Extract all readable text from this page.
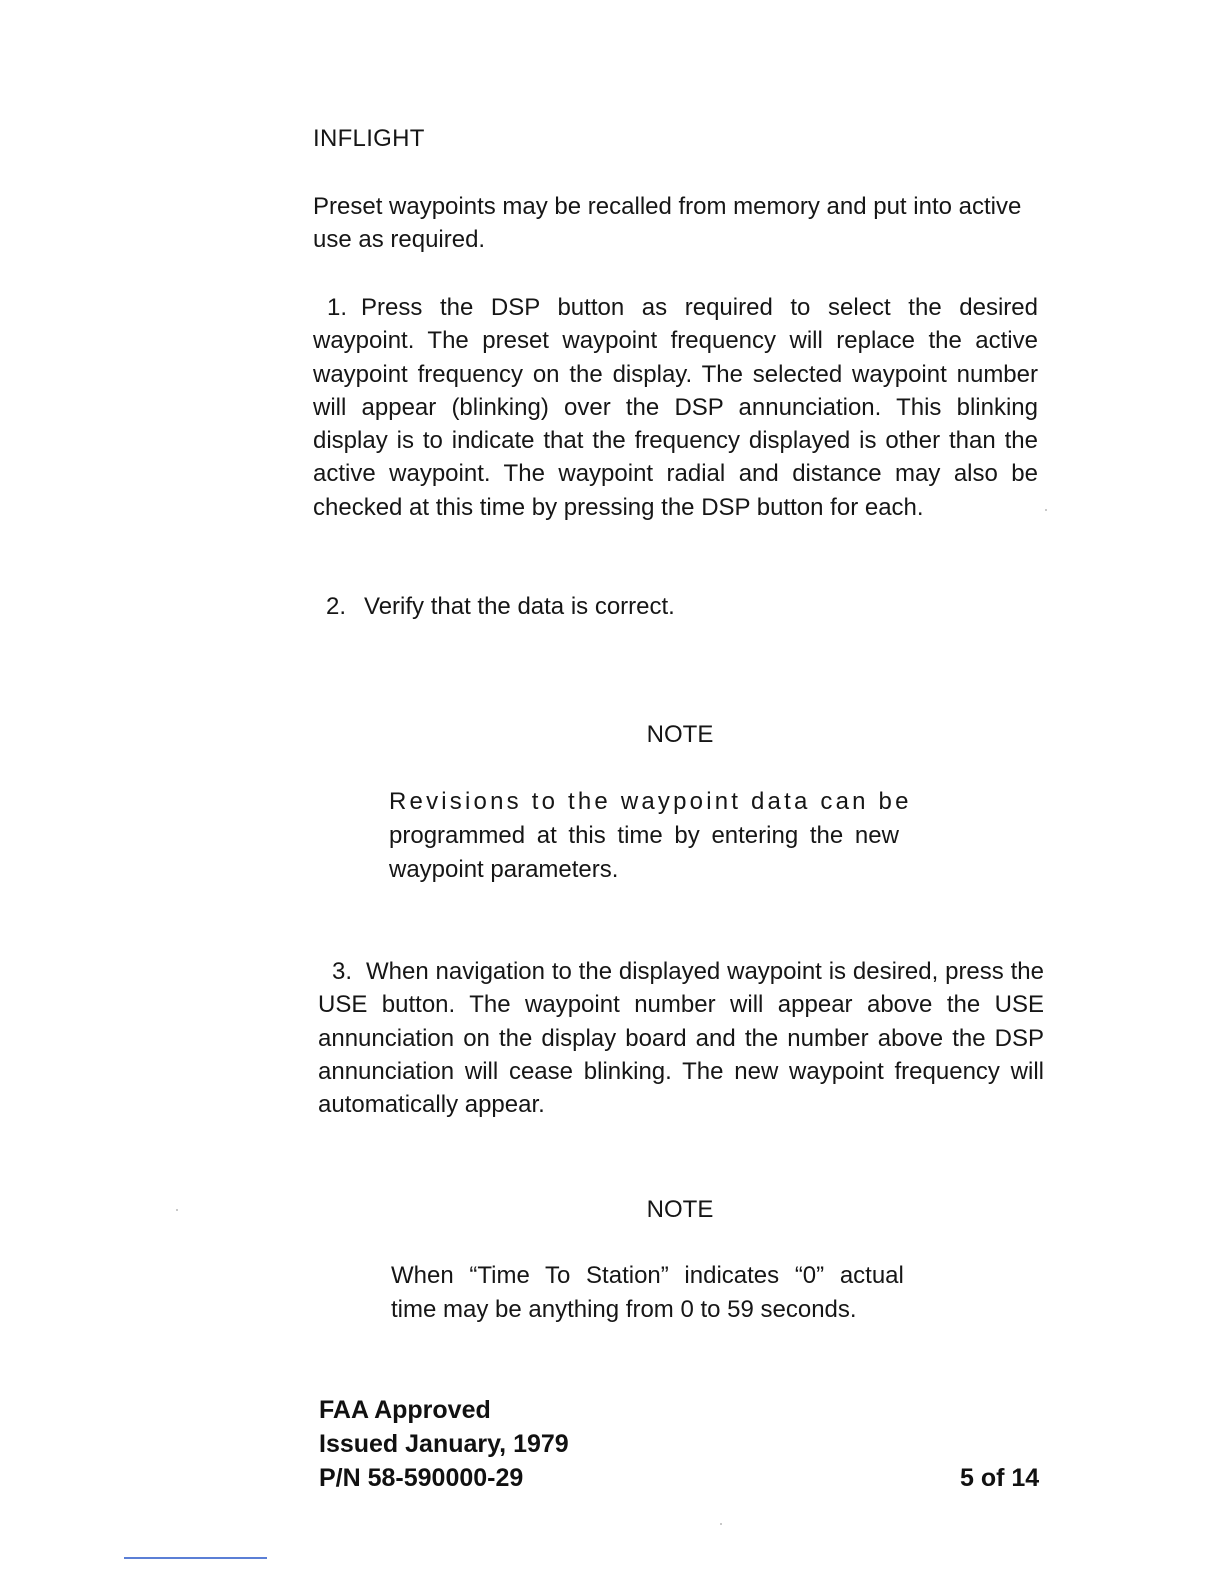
INFLIGHT

Preset waypoints may be recalled from memory and put into active use as required.

1. Press the DSP button as required to select the desired waypoint. The preset waypoint frequency will replace the active waypoint frequency on the display. The selected waypoint number will appear (blinking) over the DSP annunciation. This blinking display is to indicate that the frequency displayed is other than the active waypoint. The waypoint radial and distance may also be checked at this time by pressing the DSP button for each.

2. Verify that the data is correct.

NOTE

Revisions to the waypoint data can be
programmed at this time by entering the new
waypoint parameters.

3. When navigation to the displayed waypoint is desired, press the USE button. The waypoint number will appear above the USE annunciation on the display board and the number above the DSP annunciation will cease blinking. The new waypoint frequency will automatically appear.

NOTE

When “Time To Station” indicates “0” actual
time may be anything from 0 to 59 seconds.

FAA Approved
Issued January, 1979
P/N 58-590000-29	5 of 14
